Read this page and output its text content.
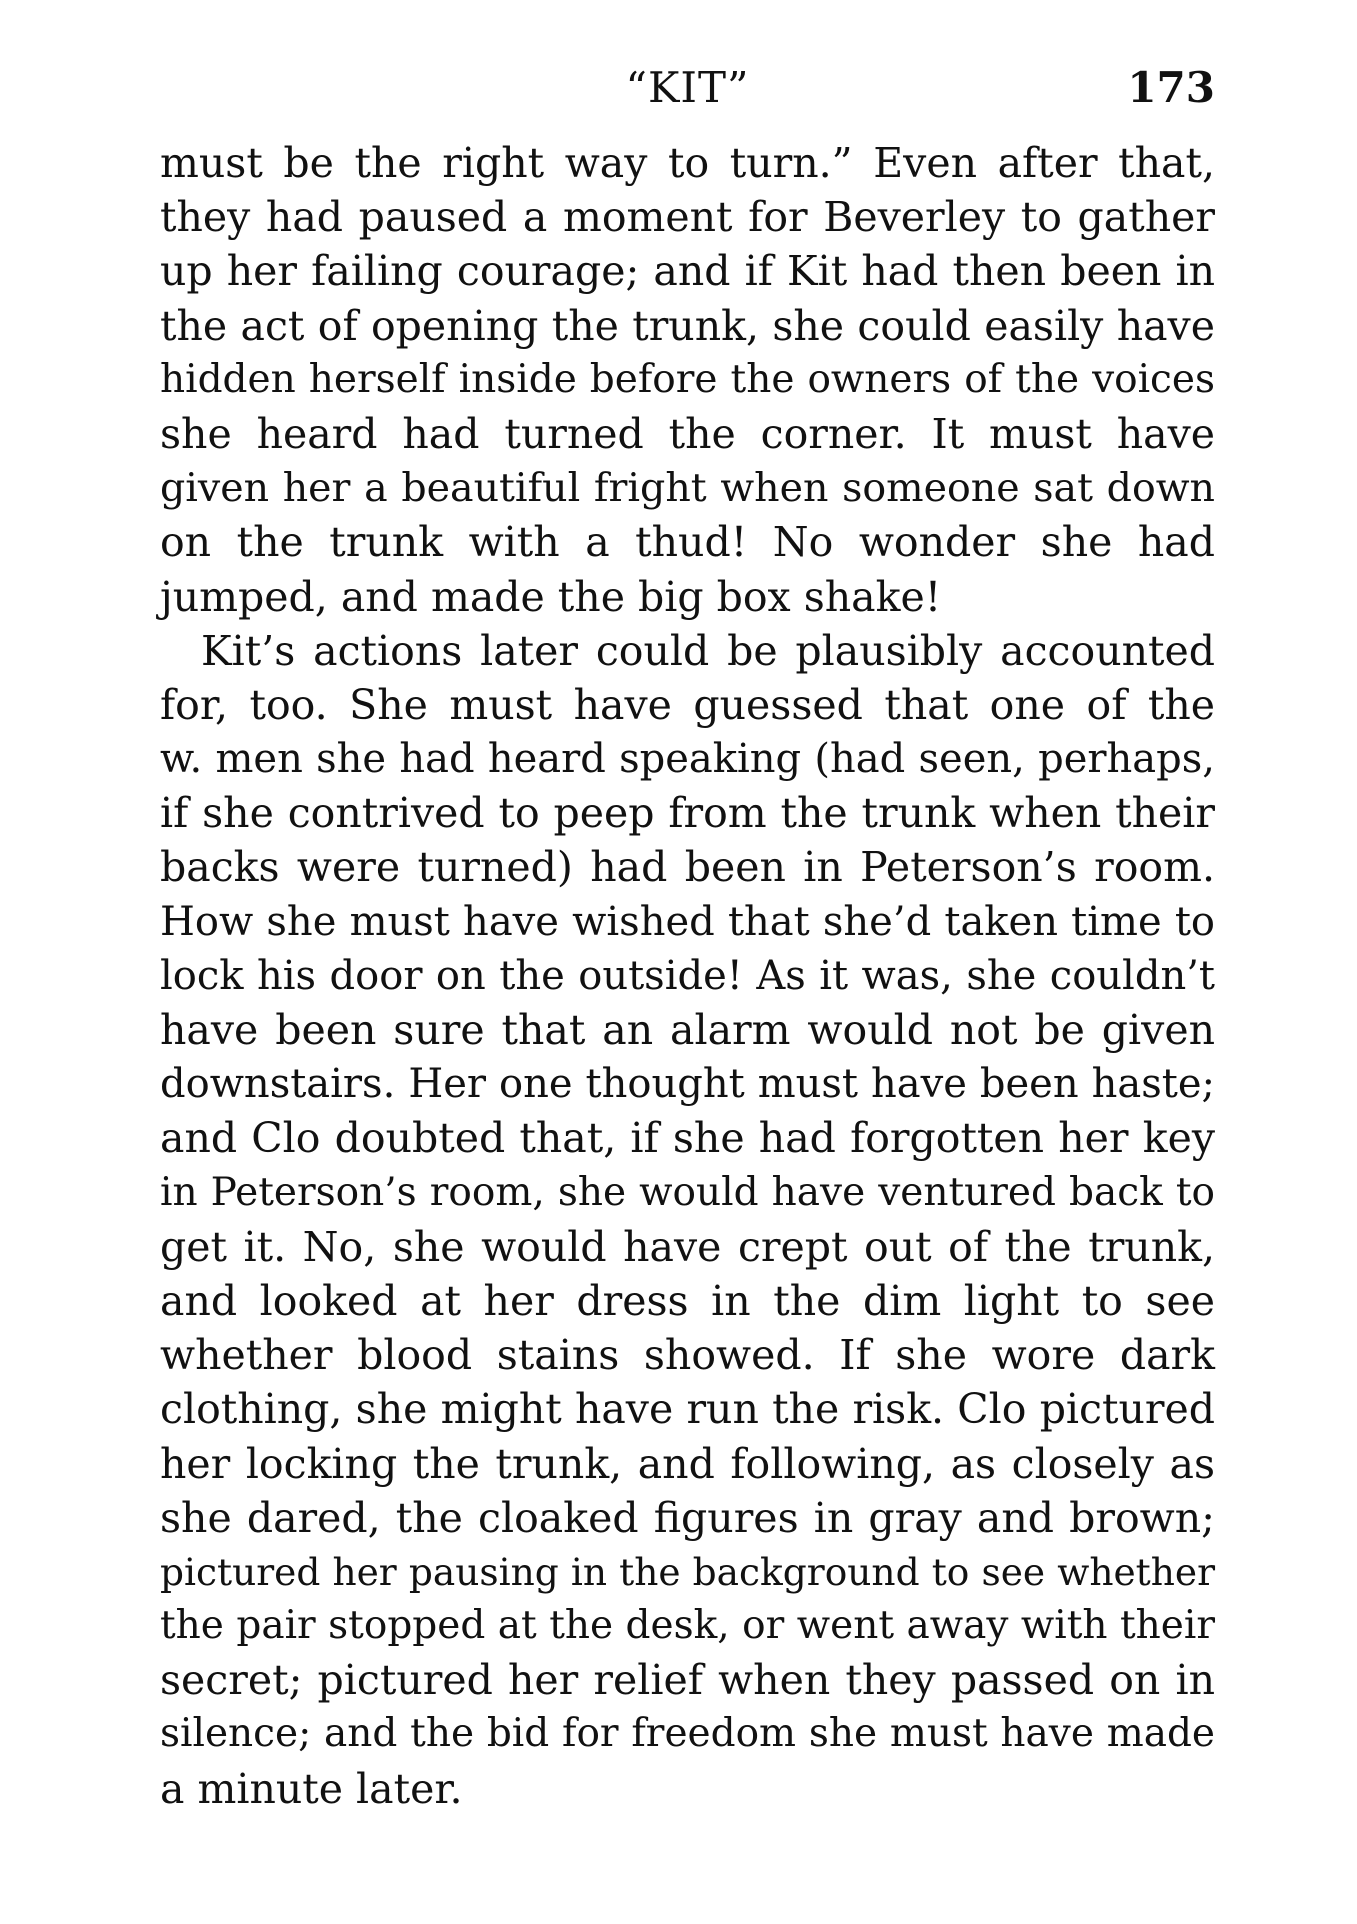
“KIT”	173
must be the right way to turn.” Even after that,
they had paused a moment for Beverley to gather
up her failing courage; and if Kit had then been in
the act of opening the trunk, she could easily have
hidden herself inside before the owners of the voices
she heard had turned the corner. It must have
given her a beautiful fright when someone sat down
on the trunk with a thud! No wonder she had
jumped, and made the big box shake!
Kit’s actions later could be plausibly accounted
for, too. She must have guessed that one of the
w. men she had heard speaking (had seen, perhaps,
if she contrived to peep from the trunk when their
backs were turned) had been in Peterson’s room.
How she must have wished that she’d taken time to
lock his door on the outside! As it was, she couldn’t
have been sure that an alarm would not be given
downstairs. Her one thought must have been haste;
and Clo doubted that, if she had forgotten her key
in Peterson’s room, she would have ventured back to
get it. No, she would have crept out of the trunk,
and looked at her dress in the dim light to see
whether blood stains showed. If she wore dark
clothing, she might have run the risk. Clo pictured
her locking the trunk, and following, as closely as
she dared, the cloaked figures in gray and brown;
pictured her pausing in the background to see whether
the pair stopped at the desk, or went away with their
secret; pictured her relief when they passed on in
silence; and the bid for freedom she must have made
a minute later.
